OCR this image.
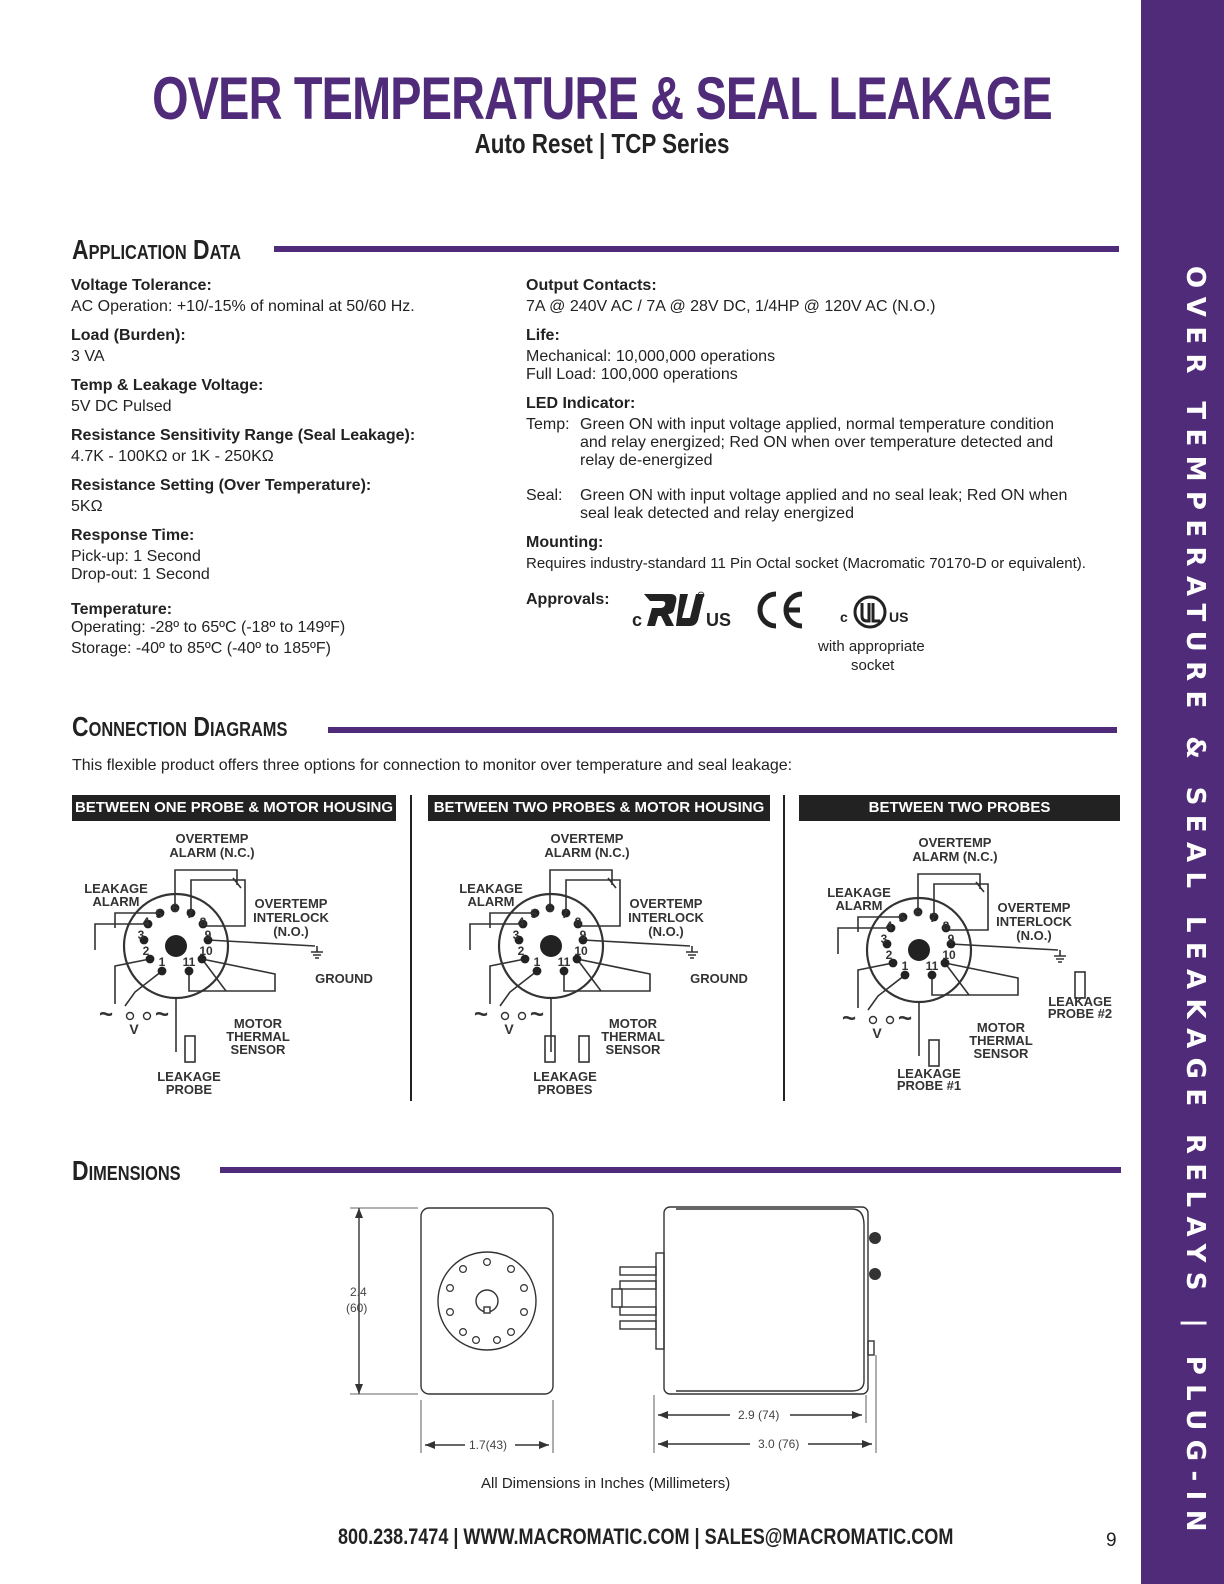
OVER TEMPERATURE & SEAL LEAKAGE RELAYS | PLUG-IN
OVER TEMPERATURE & SEAL LEAKAGE
Auto Reset | TCP Series
Application Data
Voltage Tolerance:
AC Operation: +10/-15% of nominal at 50/60 Hz.
Load (Burden):
3 VA
Temp & Leakage Voltage:
5V DC Pulsed
Resistance Sensitivity Range (Seal Leakage):
4.7K - 100KΩ or 1K - 250KΩ
Resistance Setting (Over Temperature):
5KΩ
Response Time:
Pick-up: 1 Second
Drop-out: 1 Second
Temperature:
Operating: -28º to 65ºC (-18º to 149ºF)
Storage: -40º to 85ºC (-40º to 185ºF)
Output Contacts:
7A @ 240V AC / 7A @ 28V DC, 1/4HP @ 120V AC (N.O.)
Life:
Mechanical: 10,000,000 operations
Full Load: 100,000 operations
LED Indicator:
Temp: Green ON with input voltage applied, normal temperature condition
and relay energized; Red ON when over temperature detected and
relay de-energized
Seal: Green ON with input voltage applied and no seal leak; Red ON when
seal leak detected and relay energized
Mounting:
Requires industry-standard 11 Pin Octal socket (Macromatic 70170-D or equivalent).
Approvals:
c	US	c	US
with appropriate
socket
Connection Diagrams
This flexible product offers three options for connection to monitor over temperature and seal leakage:
BETWEEN ONE PROBE & MOTOR HOUSING	BETWEEN TWO PROBES & MOTOR HOUSING	BETWEEN TWO PROBES
1
2
3
4
5 6 7
8
9
10
11
OVERTEMP
ALARM (N.C.)
LEAKAGE
ALARM	OVERTEMP
INTERLOCK
(N.O.)
GROUND
MOTOR
THERMAL
SENSOR
V
~ ~
LEAKAGE
PROBE
1
2
3
4
5 6 7
8
9
10
11
OVERTEMP
ALARM (N.C.)
LEAKAGE
ALARM	OVERTEMP
INTERLOCK
(N.O.)
GROUND
MOTOR
THERMAL
SENSOR
V
~ ~
LEAKAGE
PROBES
1
2
3
4
5 6 7
8
9
10
11
OVERTEMP
ALARM (N.C.)
LEAKAGE
ALARM	OVERTEMP
INTERLOCK
(N.O.)
MOTOR
THERMAL
SENSOR
V
~ ~
LEAKAGE
PROBE #1
LEAKAGE
PROBE #2
Dimensions
2.4
(60)
1.7(43)
2.9 (74)
3.0 (76)
All Dimensions in Inches (Millimeters)
800.238.7474 | WWW.MACROMATIC.COM | SALES@MACROMATIC.COM	9
